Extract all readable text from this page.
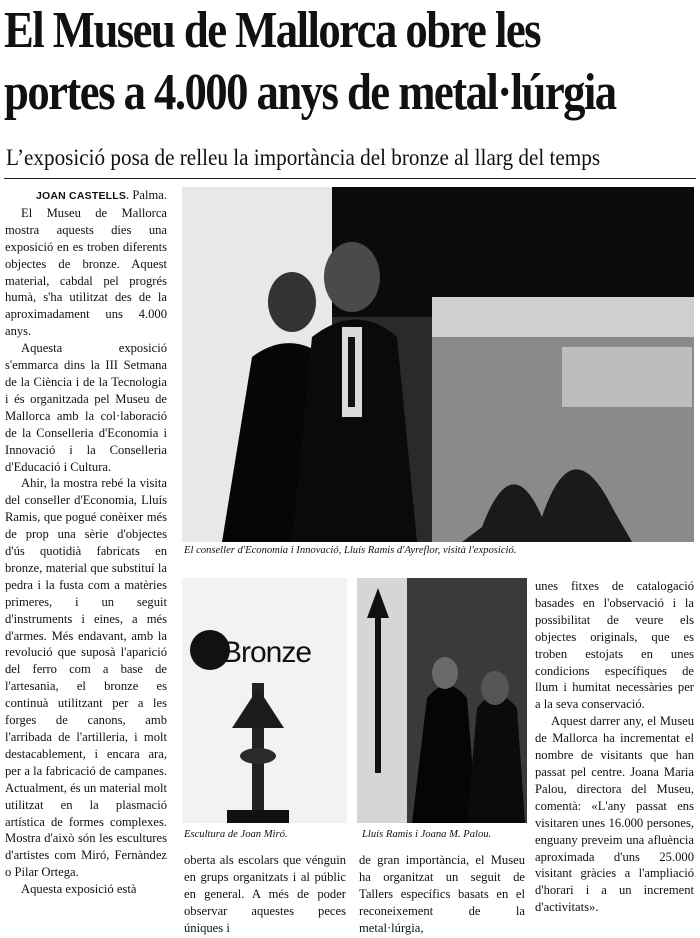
El Museu de Mallorca obre les
portes a 4.000 anys de metal·lúrgia
L’exposició posa de relleu la importància del bronze al llarg del temps

JOAN CASTELLS. Palma.

El Museu de Mallorca mostra aquests dies una exposició en es troben diferents objectes de bronze. Aquest material, cabdal pel progrés humà, s'ha utilitzat des de la aproximadament uns 4.000 anys.

Aquesta exposició s'emmarca dins la III Setmana de la Ciència i de la Tecnologia i és organitzada pel Museu de Mallorca amb la col·laboració de la Conselleria d'Economia i Innovació i la Conselleria d'Educació i Cultura.

Ahir, la mostra rebé la visita del conseller d'Economia, Lluís Ramis, que pogué conèixer més de prop una sèrie d'objectes d'ús quotidià fabricats en bronze, material que substituí la pedra i la fusta com a matèries primeres, i un seguit d'instruments i eines, a més d'armes. Més endavant, amb la revolució que suposà l'aparició del ferro com a base de l'artesania, el bronze es continuà utilitzant per a les forges de canons, amb l'arribada de l'artilleria, i molt destacablement, i encara ara, per a la fabricació de campanes. Actualment, és un material molt utilitzat en la plasmació artística de formes complexes. Mostra d'això són les escultures d'artistes com Miró, Fernàndez o Pilar Ortega.

Aquesta exposició està

El conseller d'Economia i Innovació, Lluís Ramis d'Ayreflor, visità l'exposició.
Bronze
Escultura de Joan Miró.	Lluís Ramis i Joana M. Palou.

oberta als escolars que vénguin en grups organitzats i al públic en general. A més de poder observar aquestes peces úniques i

de gran importància, el Museu ha organitzat un seguit de Tallers específics basats en el reconeixement de la metal·lúrgia,

unes fitxes de catalogació basades en l'observació i la possibilitat de veure els objectes originals, que es troben estojats en unes condicions específiques de llum i humitat necessàries per a la seva conservació.

Aquest darrer any, el Museu de Mallorca ha incrementat el nombre de visitants que han passat pel centre. Joana Maria Palou, directora del Museu, comentà: «L'any passat ens visitaren unes 16.000 persones, enguany preveim una afluència aproximada d'uns 25.000 visitant gràcies a l'ampliació d'horari i a un increment d'activitats».
